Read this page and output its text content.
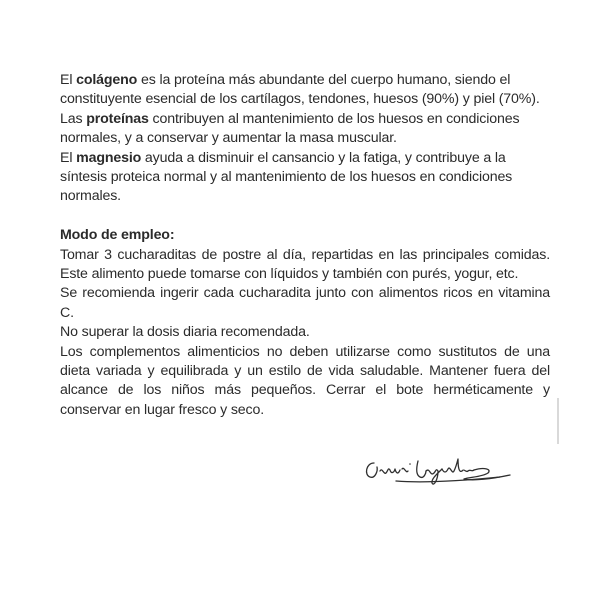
El colágeno es la proteína más abundante del cuerpo humano, siendo el constituyente esencial de los cartílagos, tendones, huesos (90%) y piel (70%).

Las proteínas contribuyen al mantenimiento de los huesos en condiciones normales, y a conservar y aumentar la masa muscular.

El magnesio ayuda a disminuir el cansancio y la fatiga, y contribuye a la síntesis proteica normal y al mantenimiento de los huesos en condiciones normales.

Modo de empleo:

Tomar 3 cucharaditas de postre al día, repartidas en las principales comidas. Este alimento puede tomarse con líquidos y también con purés, yogur, etc.

Se recomienda ingerir cada cucharadita junto con alimentos ricos en vitamina C.

No superar la dosis diaria recomendada.

Los complementos alimenticios no deben utilizarse como sustitutos de una dieta variada y equilibrada y un estilo de vida saludable. Mantener fuera del alcance de los niños más pequeños. Cerrar el bote herméticamente y conservar en lugar fresco y seco.
